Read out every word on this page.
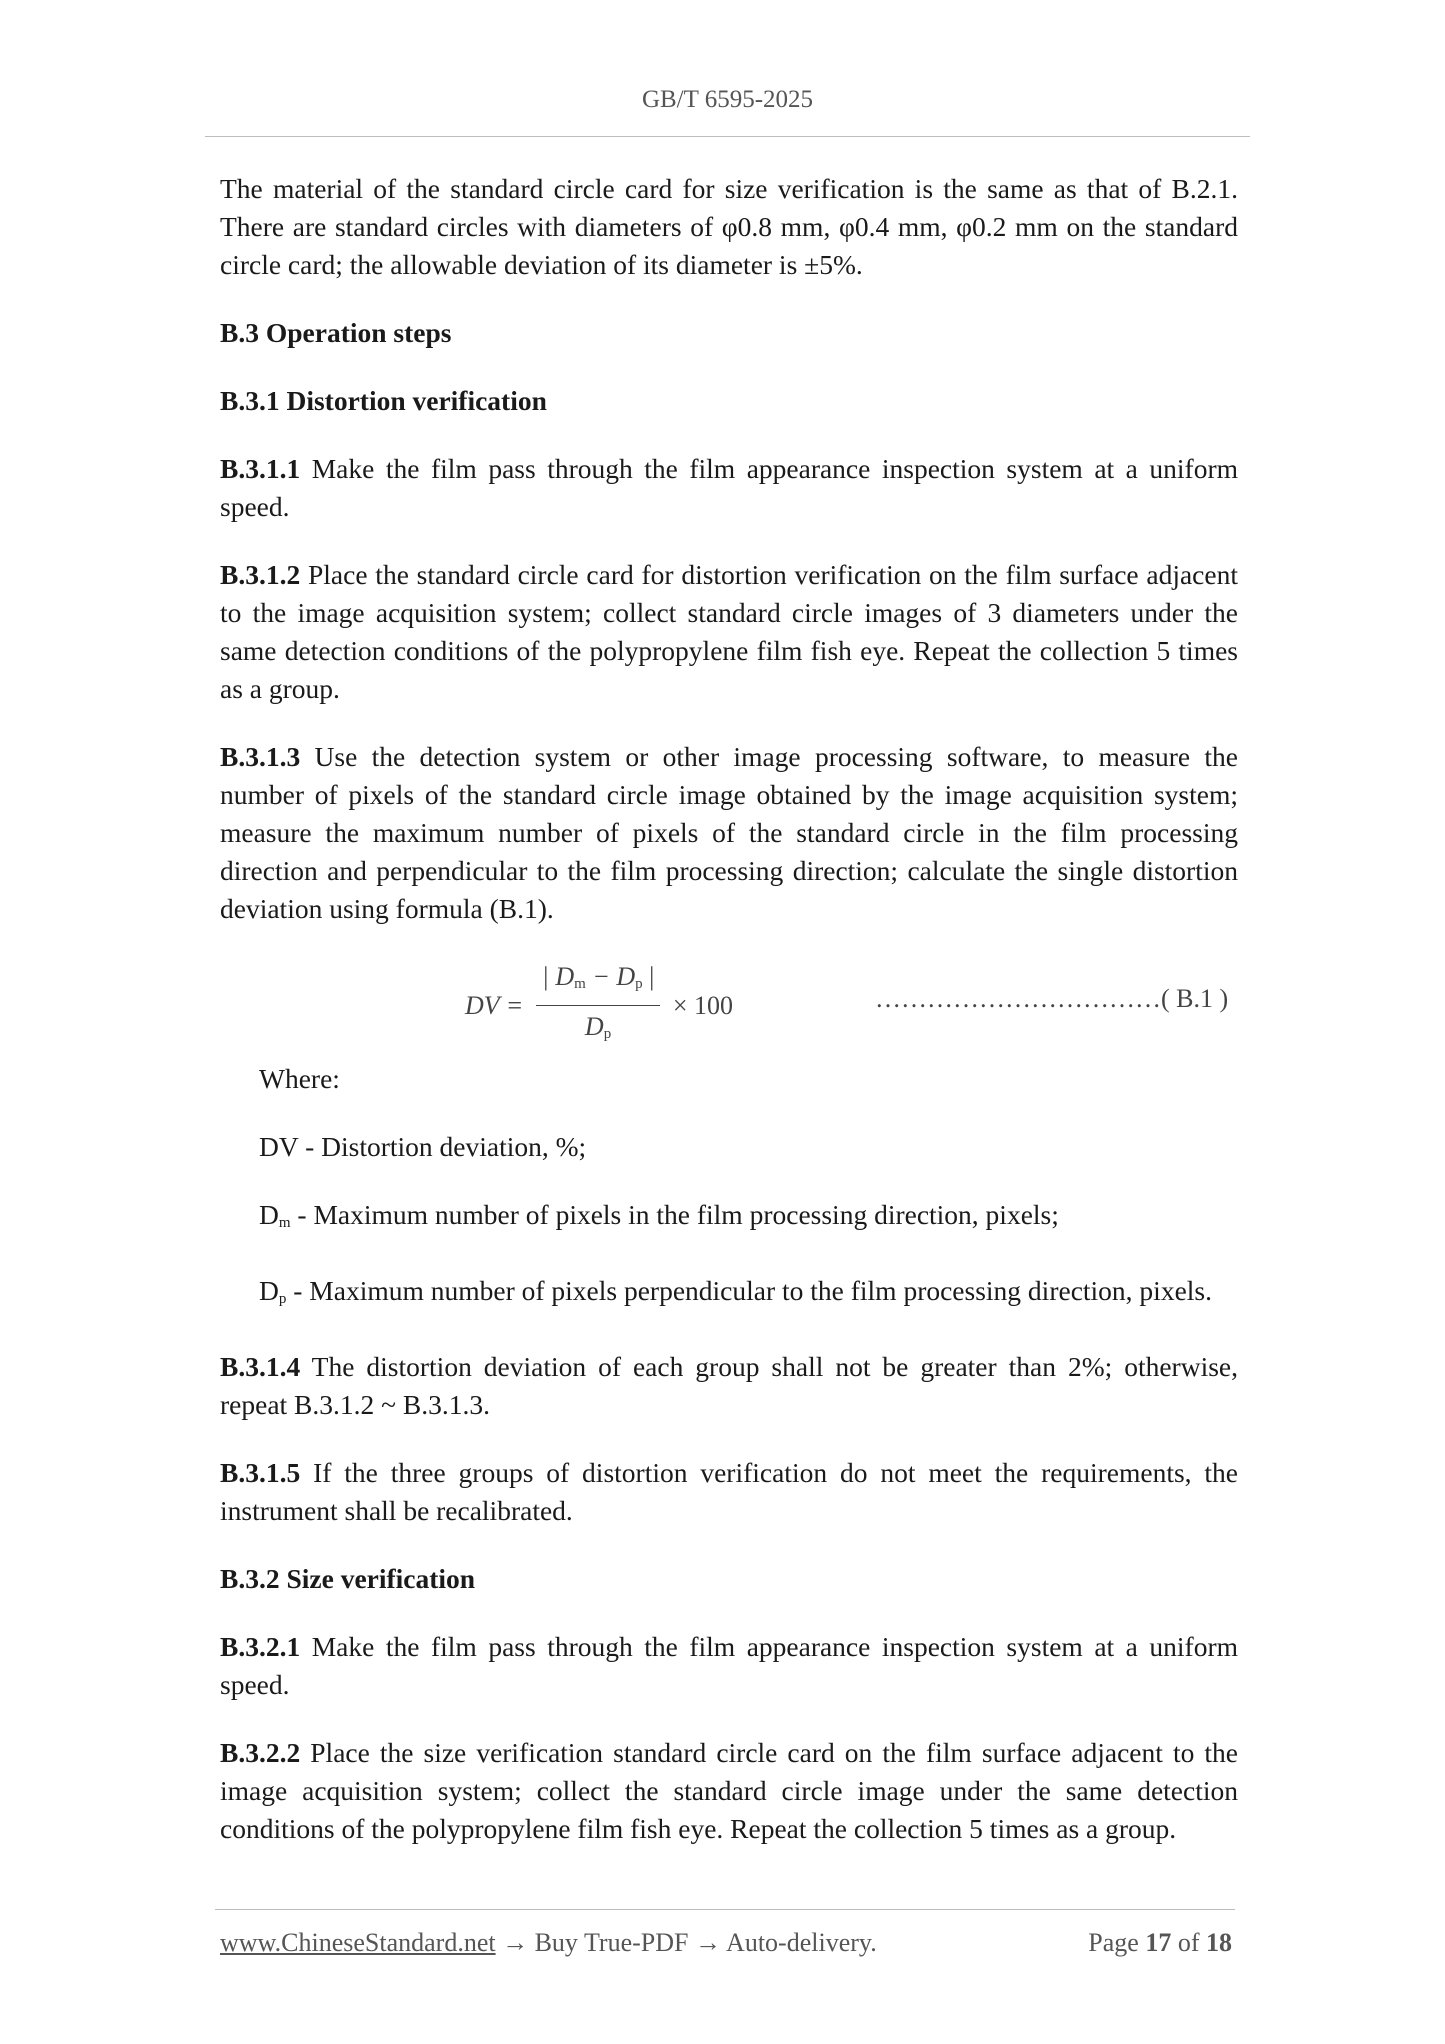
GB/T 6595-2025

The material of the standard circle card for size verification is the same as that of B.2.1. There are standard circles with diameters of φ0.8 mm, φ0.4 mm, φ0.2 mm on the standard circle card; the allowable deviation of its diameter is ±5%.

B.3 Operation steps
B.3.1 Distortion verification

B.3.1.1 Make the film pass through the film appearance inspection system at a uniform speed.

B.3.1.2 Place the standard circle card for distortion verification on the film surface adjacent to the image acquisition system; collect standard circle images of 3 diameters under the same detection conditions of the polypropylene film fish eye. Repeat the collection 5 times as a group.

B.3.1.3 Use the detection system or other image processing software, to measure the number of pixels of the standard circle image obtained by the image acquisition system; measure the maximum number of pixels of the standard circle in the film processing direction and perpendicular to the film processing direction; calculate the single distortion deviation using formula (B.1).

DV = $\frac{| D_m - D_p |}{D_p} \times 100$	……………………………( B.1 )

Where:

DV - Distortion deviation, %;

$D_m$ - Maximum number of pixels in the film processing direction, pixels;

$D_p$ - Maximum number of pixels perpendicular to the film processing direction, pixels.

B.3.1.4 The distortion deviation of each group shall not be greater than 2%; otherwise, repeat B.3.1.2 ~ B.3.1.3.

B.3.1.5 If the three groups of distortion verification do not meet the requirements, the instrument shall be recalibrated.

B.3.2 Size verification

B.3.2.1 Make the film pass through the film appearance inspection system at a uniform speed.

B.3.2.2 Place the size verification standard circle card on the film surface adjacent to the image acquisition system; collect the standard circle image under the same detection conditions of the polypropylene film fish eye. Repeat the collection 5 times as a group.

www.ChineseStandard.net → Buy True-PDF → Auto-delivery.	Page 17 of 18
